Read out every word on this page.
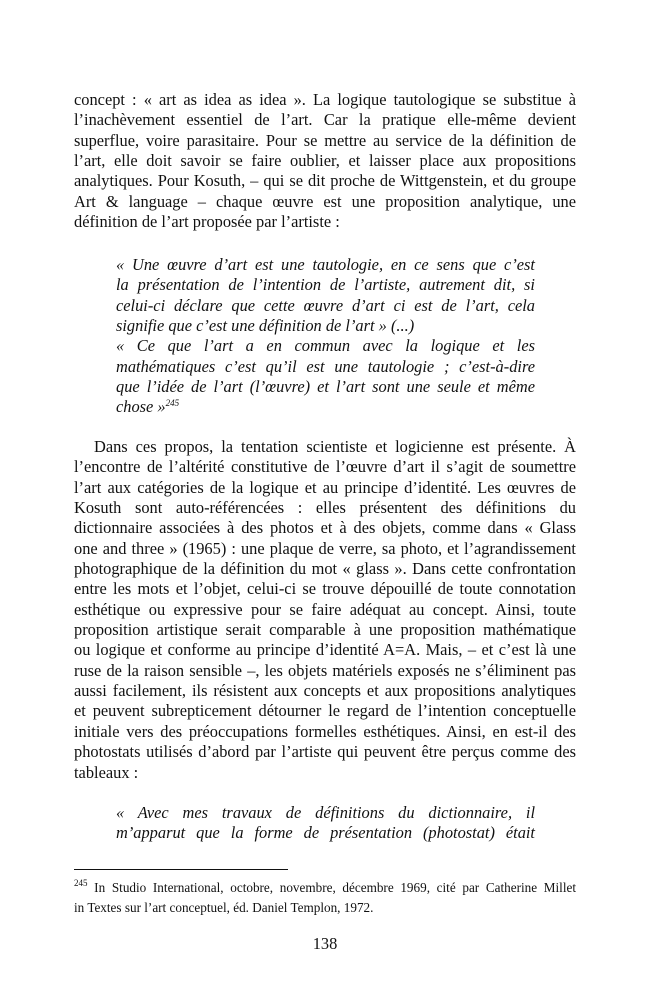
concept : « art as idea as idea ». La logique tautologique se substitue à
l’inachèvement essentiel de l’art. Car la pratique elle-même devient
superflue, voire parasitaire. Pour se mettre au service de la définition de
l’art, elle doit savoir se faire oublier, et laisser place aux propositions
analytiques. Pour Kosuth, – qui se dit proche de Wittgenstein, et du groupe
Art & language – chaque œuvre est une proposition analytique, une
définition de l’art proposée par l’artiste :
« Une œuvre d’art est une tautologie, en ce sens que c’est
la présentation de l’intention de l’artiste, autrement dit, si
celui-ci déclare que cette œuvre d’art ci est de l’art, cela
signifie que c’est une définition de l’art » (...)
« Ce que l’art a en commun avec la logique et les
mathématiques c’est qu’il est une tautologie ; c’est-à-dire
que l’idée de l’art (l’œuvre) et l’art sont une seule et même
chose »$^{245}$
Dans ces propos, la tentation scientiste et logicienne est présente. À
l’encontre de l’altérité constitutive de l’œuvre d’art il s’agit de soumettre
l’art aux catégories de la logique et au principe d’identité. Les œuvres de
Kosuth sont auto-référencées : elles présentent des définitions du
dictionnaire associées à des photos et à des objets, comme dans « Glass
one and three » (1965) : une plaque de verre, sa photo, et l’agrandissement
photographique de la définition du mot « glass ». Dans cette confrontation
entre les mots et l’objet, celui-ci se trouve dépouillé de toute connotation
esthétique ou expressive pour se faire adéquat au concept. Ainsi, toute
proposition artistique serait comparable à une proposition mathématique
ou logique et conforme au principe d’identité A=A. Mais, – et c’est là une
ruse de la raison sensible –, les objets matériels exposés ne s’éliminent pas
aussi facilement, ils résistent aux concepts et aux propositions analytiques
et peuvent subrepticement détourner le regard de l’intention conceptuelle
initiale vers des préoccupations formelles esthétiques. Ainsi, en est-il des
photostats utilisés d’abord par l’artiste qui peuvent être perçus comme des
tableaux :
« Avec mes travaux de définitions du dictionnaire, il
m’apparut que la forme de présentation (photostat) était
$^{245}$ In Studio International, octobre, novembre, décembre 1969, cité par Catherine Millet
in Textes sur l’art conceptuel, éd. Daniel Templon, 1972.
138
